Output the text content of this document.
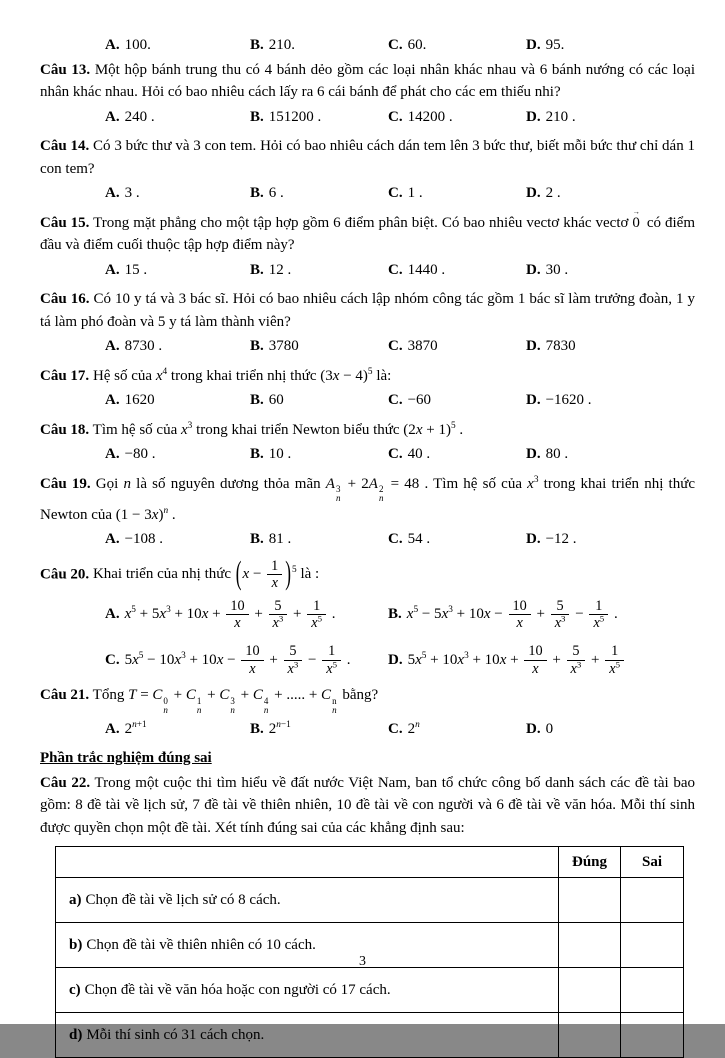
A. 100.	B. 210.	C. 60.	D. 95.

Câu 13. Một hộp bánh trung thu có 4 bánh dẻo gồm các loại nhân khác nhau và 6 bánh nướng có các loại nhân khác nhau. Hỏi có bao nhiêu cách lấy ra 6 cái bánh để phát cho các em thiếu nhi?

A. 240 .	B. 151200 .	C. 14200 .	D. 210 .

Câu 14. Có 3 bức thư và 3 con tem. Hỏi có bao nhiêu cách dán tem lên 3 bức thư, biết mỗi bức thư chỉ dán 1 con tem?

A. 3 .	B. 6 .	C. 1 .	D. 2 .

Câu 15. Trong mặt phẳng cho một tập hợp gồm 6 điểm phân biệt. Có bao nhiêu vectơ khác vectơ → 0 có điểm đầu và điểm cuối thuộc tập hợp điểm này?

A. 15 .	B. 12 .	C. 1440 .	D. 30 .

Câu 16. Có 10 y tá và 3 bác sĩ. Hỏi có bao nhiêu cách lập nhóm công tác gồm 1 bác sĩ làm trưởng đoàn, 1 y tá làm phó đoàn và 5 y tá làm thành viên?

A. 8730 .	B. 3780	C. 3870	D. 7830

Câu 17. Hệ số của $x^4$ trong khai triển nhị thức $(3x - 4)^5$ là:

A. 1620	B. 60	C. −60	D. −1620 .

Câu 18. Tìm hệ số của $x^3$ trong khai triển Newton biểu thức $(2x + 1)^5$ .

A. −80 .	B. 10 .	C. 40 .	D. 80 .

Câu 19. Gọi n là số nguyên dương thỏa mãn A 3
n
+ 2A 2
n
= 48 . Tìm hệ số của $x^3$ trong khai triển nhị thức Newton của $(1 - 3x)^n$ .

A. −108 .	B. 81 .	C. 54 .	D. −12 .

Câu 20. Khai triển của nhị thức $(x - \frac{1}{x} )^5$ là :

A. $x^5 + 5x^3 + 10x + \frac{10}{x} + \frac{5}{x^3} + \frac{1}{x^5}$ .	B. $x^5 - 5x^3 + 10x - \frac{10}{x} + \frac{5}{x^3} - \frac{1}{x^5}$ .
C. $5x^5 - 10x^3 + 10x - \frac{10}{x} + \frac{5}{x^3} - \frac{1}{x^5}$ .	D. $5x^5 + 10x^3 + 10x + \frac{10}{x} + \frac{5}{x^3} + \frac{1}{x^5}$

Câu 21. Tổng T = C 0
n
+ C 1
n
+ C 3
n
+ C 4
n
+ ..... + C n
n
bằng?

A. $2^{n+1}$	B. $2^{n-1}$	C. 2$^n$	D. 0

Phần trắc nghiệm đúng sai

Câu 22. Trong một cuộc thi tìm hiểu về đất nước Việt Nam, ban tổ chức công bố danh sách các đề tài bao gồm: 8 đề tài về lịch sử, 7 đề tài về thiên nhiên, 10 đề tài về con người và 6 đề tài về văn hóa. Mỗi thí sinh được quyền chọn một đề tài. Xét tính đúng sai của các khẳng định sau:

	Đúng	Sai
a) Chọn đề tài về lịch sử có 8 cách.		
b) Chọn đề tài về thiên nhiên có 10 cách.		
c) Chọn đề tài về văn hóa hoặc con người có 17 cách.		
d) Mỗi thí sinh có 31 cách chọn.		
3
